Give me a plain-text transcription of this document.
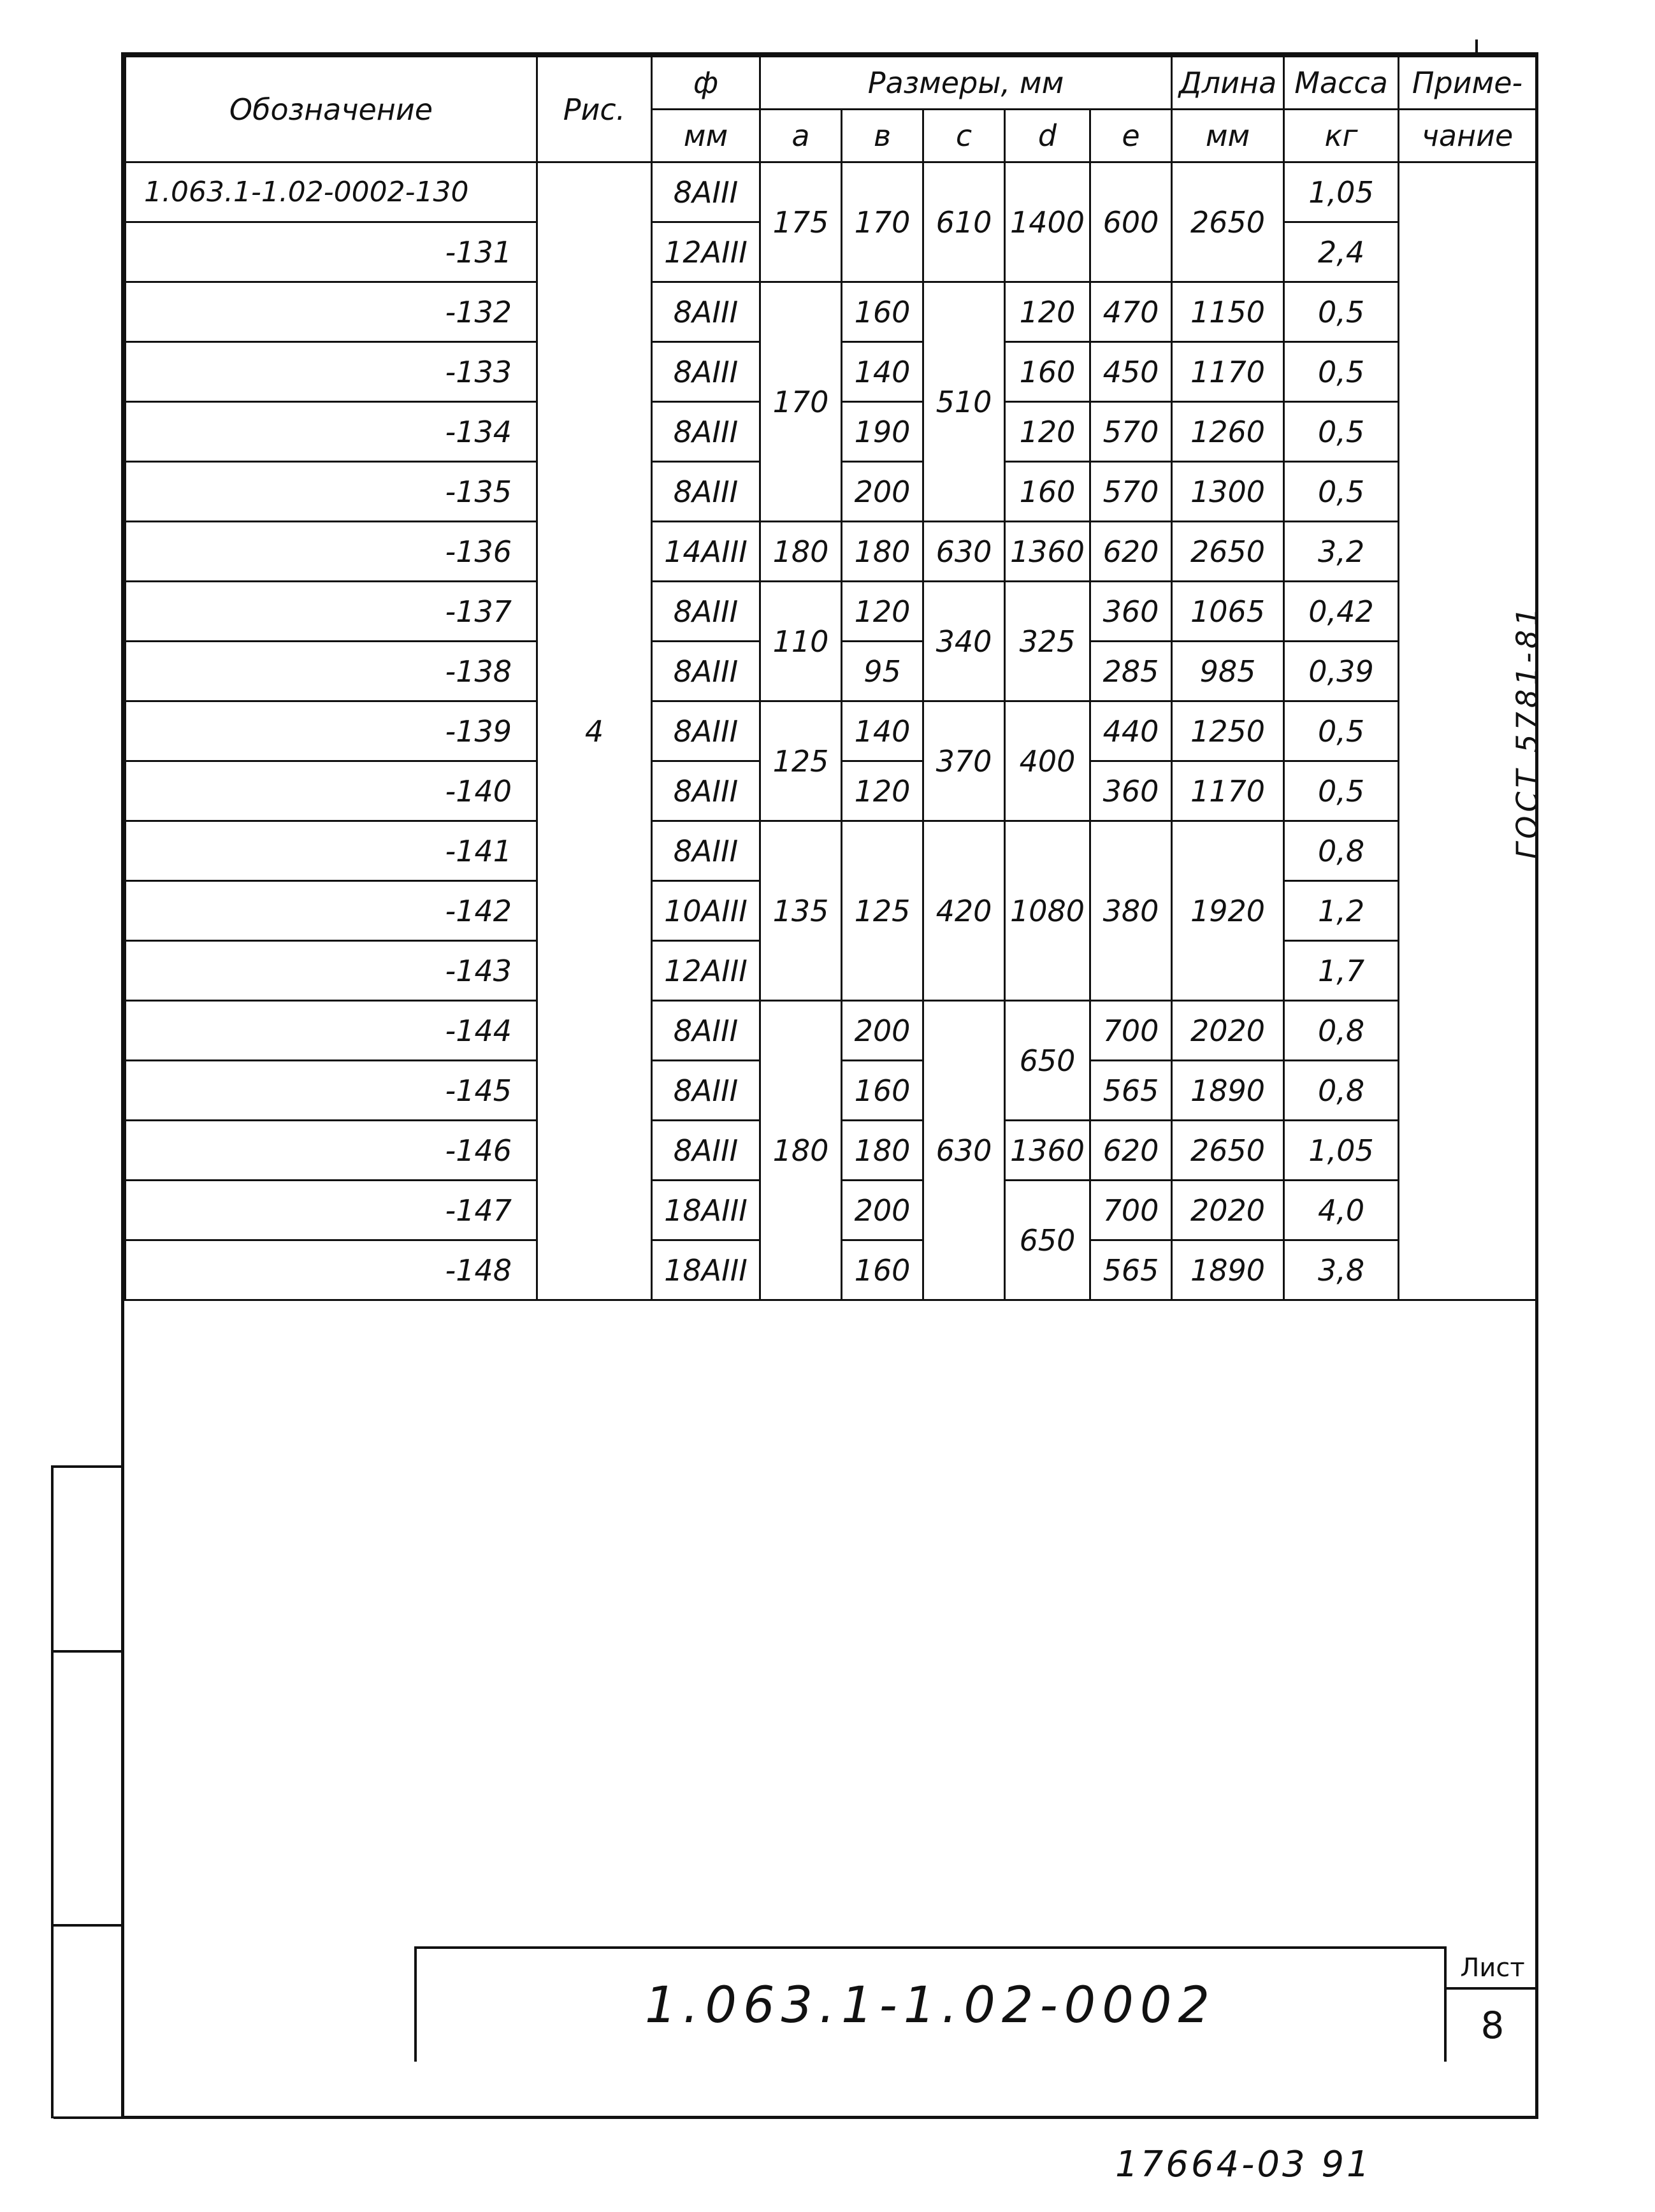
Обозначение	Рис.	ф	Размеры, мм					Длина	Масса	Приме-
		мм	a	в	c	d	e	мм	кг	чание
1.063.1-1.02-0002-130	4	8АIII	175	170	610	1400	600	2650	1,05	ГОСТ 5781-81
-131		12АIII							2,4	
-132		8АIII	170	160	510	120	470	1150	0,5	
-133		8АIII		140		160	450	1170	0,5	
-134		8АIII		190		120	570	1260	0,5	
-135		8АIII		200		160	570	1300	0,5	
-136		14АIII	180	180	630	1360	620	2650	3,2	
-137		8АIII	110	120	340	325	360	1065	0,42	
-138		8АIII		95			285	985	0,39	
-139		8АIII	125	140	370	400	440	1250	0,5	
-140		8АIII		120			360	1170	0,5	
-141		8АIII	135	125	420	1080	380	1920	0,8	
-142		10АIII							1,2	
-143		12АIII							1,7	
-144		8АIII	180	200	630	650	700	2020	0,8	
-145		8АIII		160			565	1890	0,8	
-146		8АIII		180		1360	620	2650	1,05	
-147		18АIII		200		650	700	2020	4,0	
-148		18АIII		160			565	1890	3,8	
1.063.1-1.02-0002
Лист
8
17664-03 91
